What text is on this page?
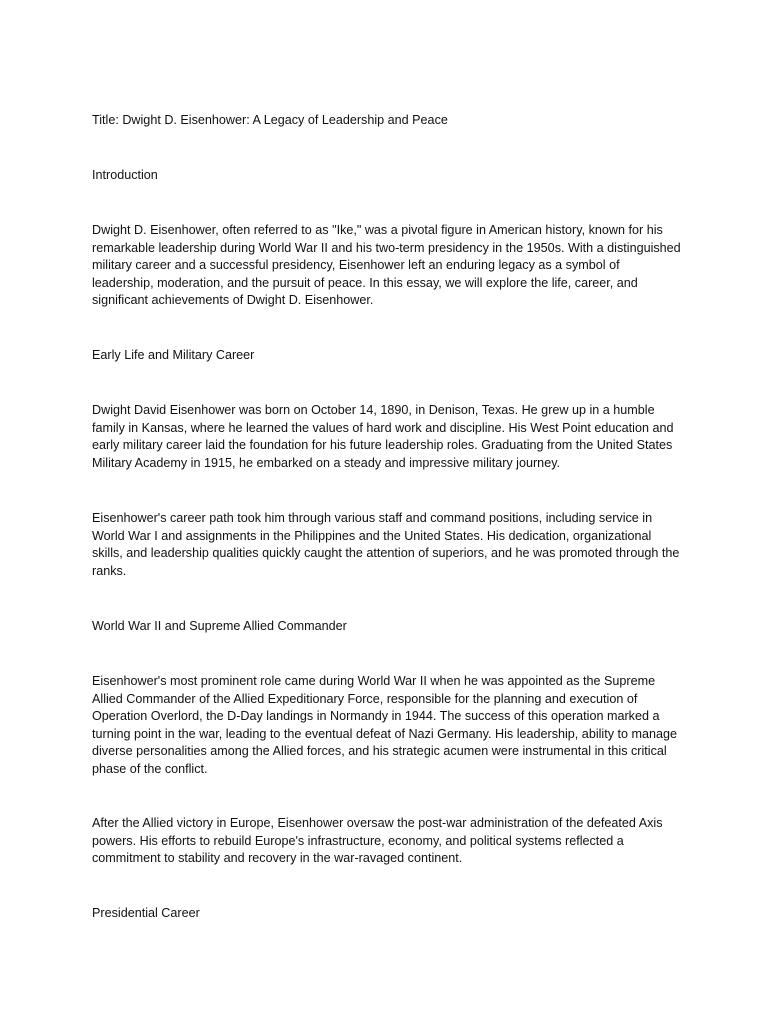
Title: Dwight D. Eisenhower: A Legacy of Leadership and Peace

Introduction

Dwight D. Eisenhower, often referred to as "Ike," was a pivotal figure in American history, known for his remarkable leadership during World War II and his two-term presidency in the 1950s. With a distinguished military career and a successful presidency, Eisenhower left an enduring legacy as a symbol of leadership, moderation, and the pursuit of peace. In this essay, we will explore the life, career, and significant achievements of Dwight D. Eisenhower.

Early Life and Military Career

Dwight David Eisenhower was born on October 14, 1890, in Denison, Texas. He grew up in a humble family in Kansas, where he learned the values of hard work and discipline. His West Point education and early military career laid the foundation for his future leadership roles. Graduating from the United States Military Academy in 1915, he embarked on a steady and impressive military journey.

Eisenhower's career path took him through various staff and command positions, including service in World War I and assignments in the Philippines and the United States. His dedication, organizational skills, and leadership qualities quickly caught the attention of superiors, and he was promoted through the ranks.

World War II and Supreme Allied Commander

Eisenhower's most prominent role came during World War II when he was appointed as the Supreme Allied Commander of the Allied Expeditionary Force, responsible for the planning and execution of Operation Overlord, the D-Day landings in Normandy in 1944. The success of this operation marked a turning point in the war, leading to the eventual defeat of Nazi Germany. His leadership, ability to manage diverse personalities among the Allied forces, and his strategic acumen were instrumental in this critical phase of the conflict.

After the Allied victory in Europe, Eisenhower oversaw the post-war administration of the defeated Axis powers. His efforts to rebuild Europe's infrastructure, economy, and political systems reflected a commitment to stability and recovery in the war-ravaged continent.

Presidential Career
